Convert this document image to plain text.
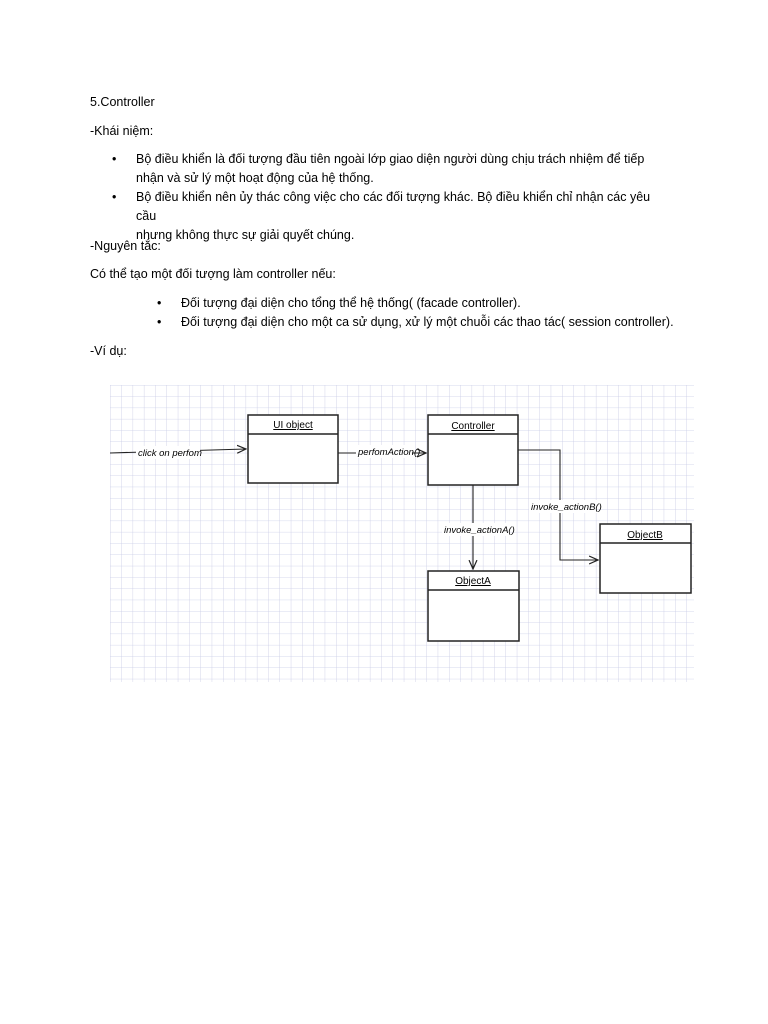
5.Controller
-Khái niệm:
• Bộ điều khiển là đối tượng đầu tiên ngoài lớp giao diện người dùng chịu trách nhiệm để tiếp
nhận và sử lý một hoạt động của hệ thống.
• Bộ điều khiển nên ủy thác công việc cho các đối tượng khác. Bộ điều khiển chỉ nhận các yêu cầu
nhưng không thực sự giải quyết chúng.
-Nguyên tắc:
Có thể tạo một đối tượng làm controller nếu:
• Đối tượng đại diện cho tổng thể hệ thống( (facade controller).
• Đối tượng đại diện cho một ca sử dụng, xử lý một chuỗi các thao tác( session controller).
-Ví dụ:
UI object	Controller
ObjectB
ObjectA
click on perfom	perfomAction()
invoke_actionA()
invoke_actionB()
